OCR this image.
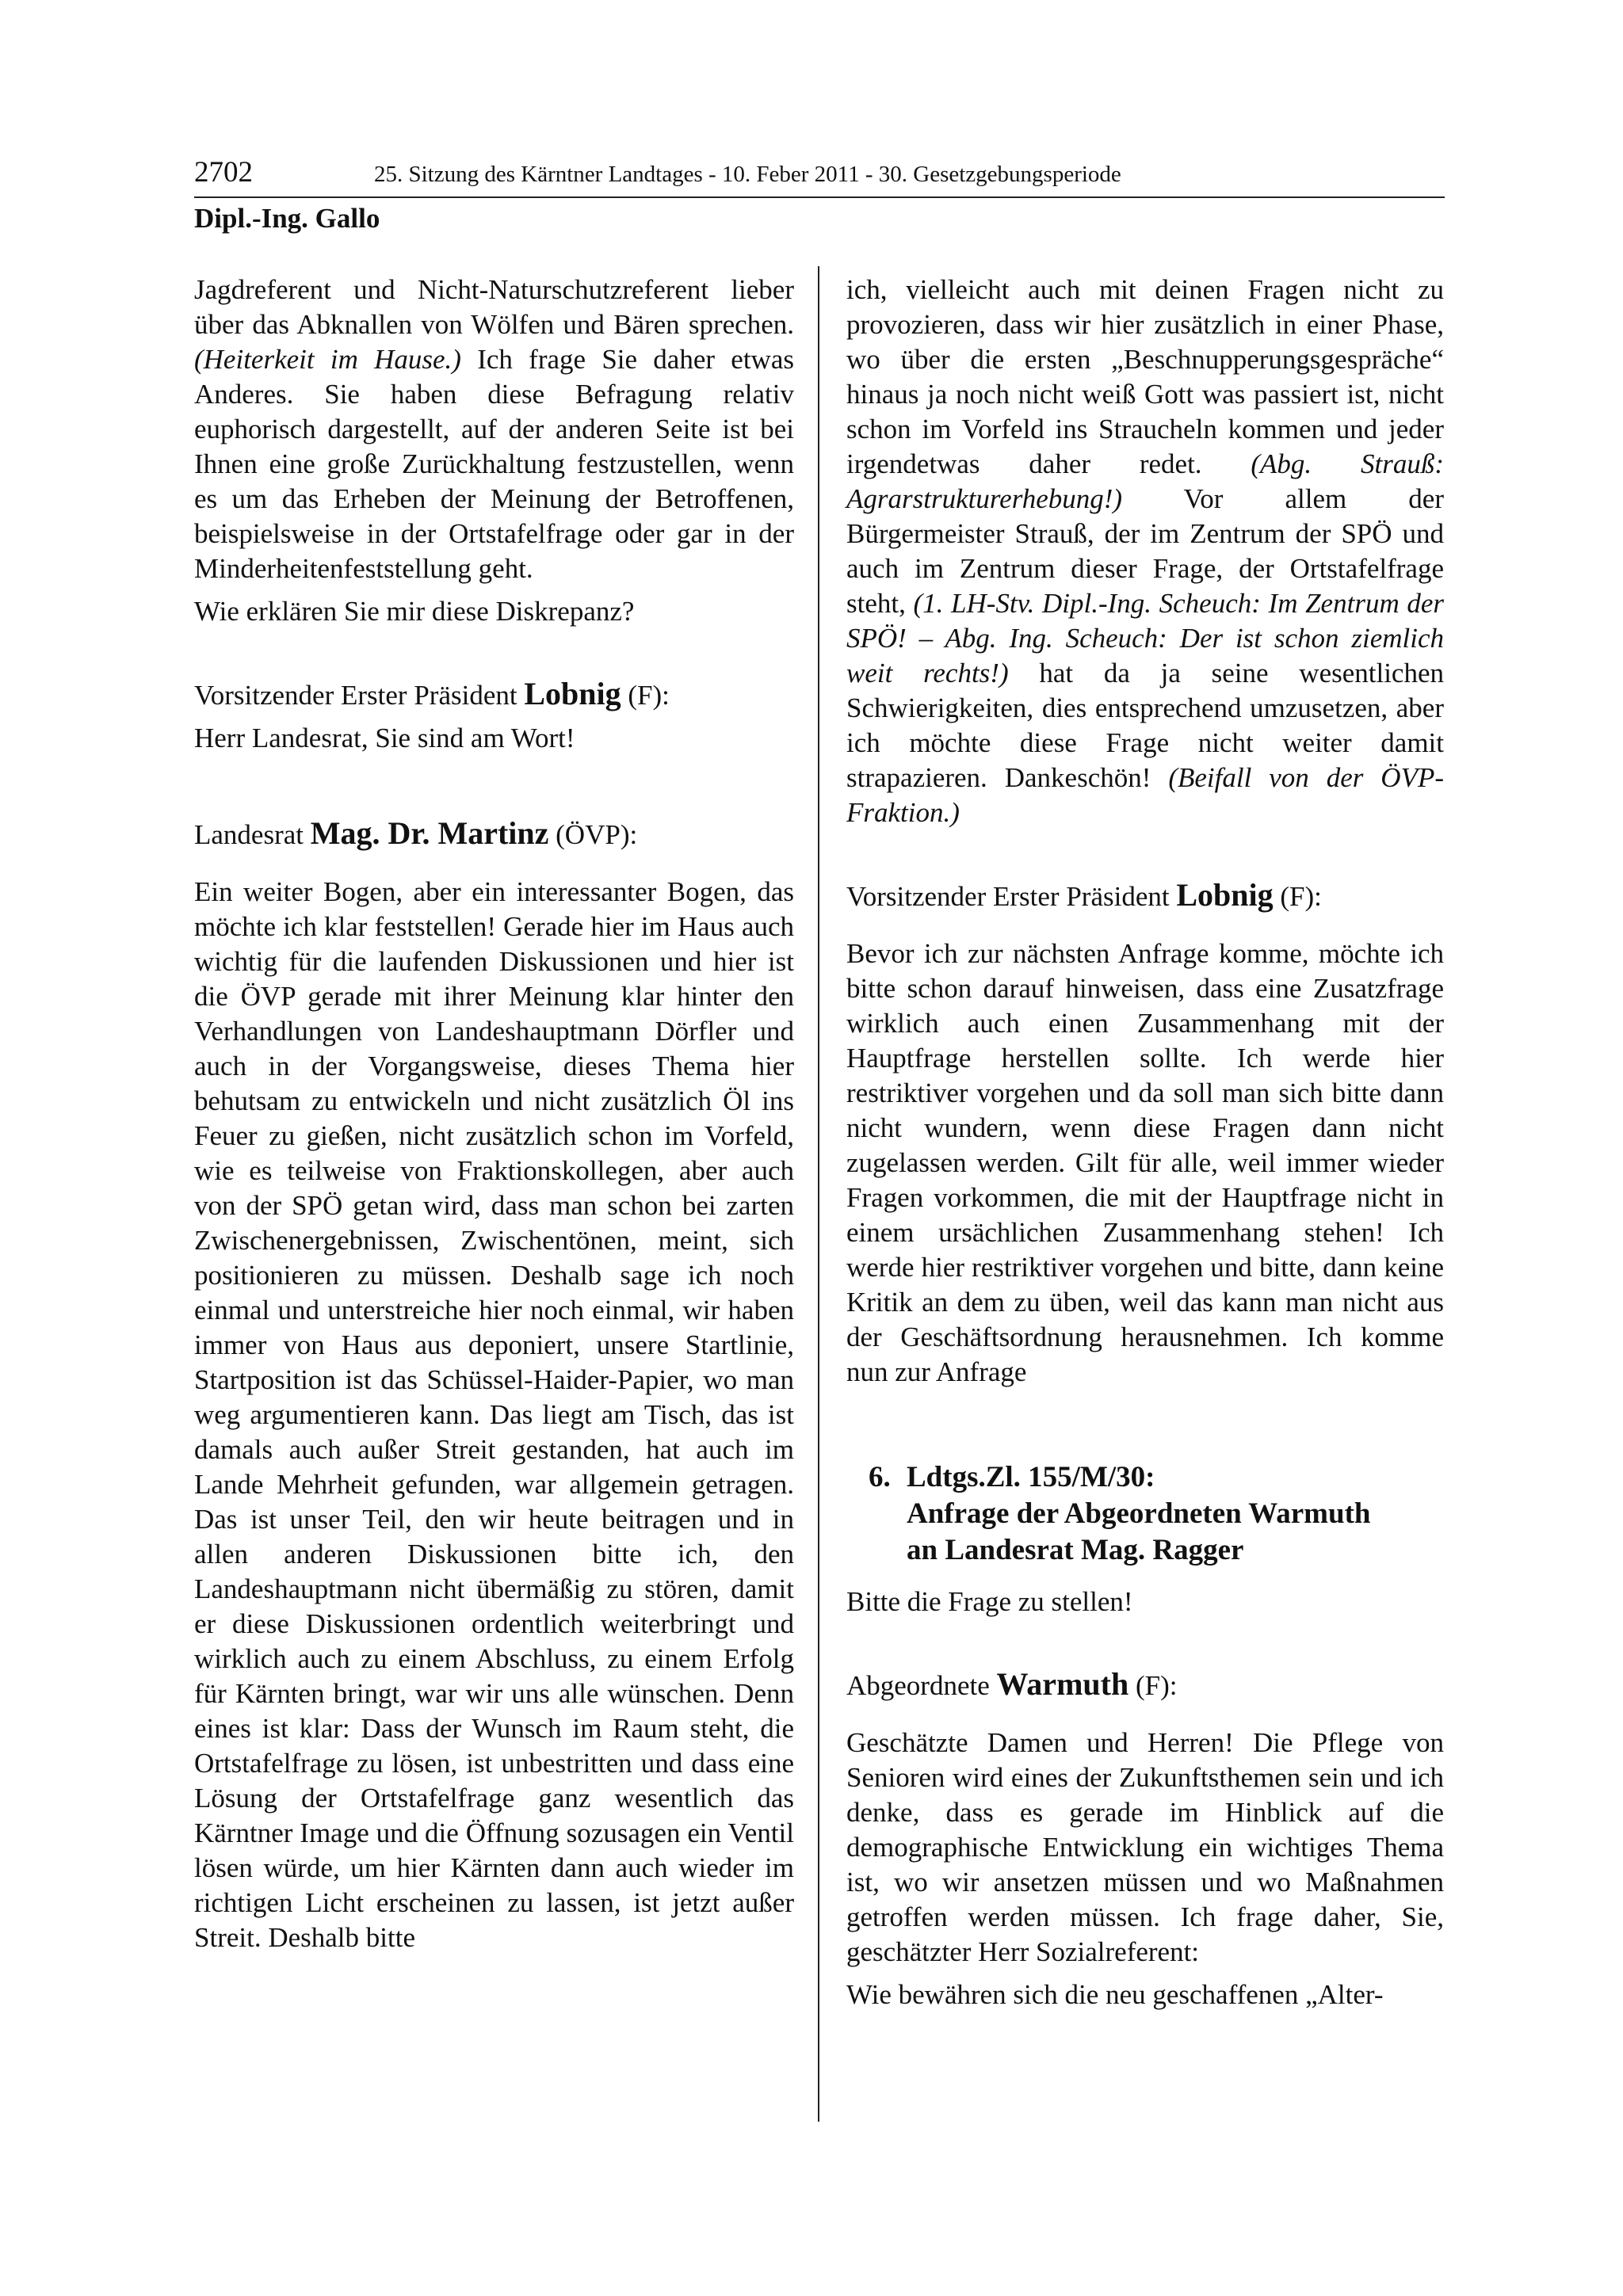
2702	25. Sitzung des Kärntner Landtages - 10. Feber 2011 - 30. Gesetzgebungsperiode
Dipl.-Ing. Gallo

Jagdreferent und Nicht-Naturschutzreferent lieber über das Abknallen von Wölfen und Bären sprechen. (Heiterkeit im Hause.) Ich frage Sie daher etwas Anderes. Sie haben diese Befragung relativ euphorisch dargestellt, auf der anderen Seite ist bei Ihnen eine große Zurückhaltung festzustellen, wenn es um das Erheben der Meinung der Betroffenen, beispielsweise in der Ortstafelfrage oder gar in der Minderheitenfeststellung geht.

Wie erklären Sie mir diese Diskrepanz?

Vorsitzender Erster Präsident Lobnig (F):

Herr Landesrat, Sie sind am Wort!

Landesrat Mag. Dr. Martinz (ÖVP):

Ein weiter Bogen, aber ein interessanter Bogen, das möchte ich klar feststellen! Gerade hier im Haus auch wichtig für die laufenden Diskussionen und hier ist die ÖVP gerade mit ihrer Meinung klar hinter den Verhandlungen von Landeshauptmann Dörfler und auch in der Vorgangsweise, dieses Thema hier behutsam zu entwickeln und nicht zusätzlich Öl ins Feuer zu gießen, nicht zusätzlich schon im Vorfeld, wie es teilweise von Fraktionskollegen, aber auch von der SPÖ getan wird, dass man schon bei zarten Zwischenergebnissen, Zwischentönen, meint, sich positionieren zu müssen. Deshalb sage ich noch einmal und unterstreiche hier noch einmal, wir haben immer von Haus aus deponiert, unsere Startlinie, Startposition ist das Schüssel-Haider-Papier, wo man weg argumentieren kann. Das liegt am Tisch, das ist damals auch außer Streit gestanden, hat auch im Lande Mehrheit gefunden, war allgemein getragen. Das ist unser Teil, den wir heute beitragen und in allen anderen Diskussionen bitte ich, den Landeshauptmann nicht übermäßig zu stören, damit er diese Diskussionen ordentlich weiterbringt und wirklich auch zu einem Abschluss, zu einem Erfolg für Kärnten bringt, war wir uns alle wünschen. Denn eines ist klar: Dass der Wunsch im Raum steht, die Ortstafelfrage zu lösen, ist unbestritten und dass eine Lösung der Ortstafelfrage ganz wesentlich das Kärntner Image und die Öffnung sozusagen ein Ventil lösen würde, um hier Kärnten dann auch wieder im richtigen Licht erscheinen zu lassen, ist jetzt außer Streit. Deshalb bitte

ich, vielleicht auch mit deinen Fragen nicht zu provozieren, dass wir hier zusätzlich in einer Phase, wo über die ersten „Beschnupperungsgespräche“ hinaus ja noch nicht weiß Gott was passiert ist, nicht schon im Vorfeld ins Straucheln kommen und jeder irgendetwas daher redet. (Abg. Strauß: Agrarstrukturerhebung!) Vor allem der Bürgermeister Strauß, der im Zentrum der SPÖ und auch im Zentrum dieser Frage, der Ortstafelfrage steht, (1. LH-Stv. Dipl.-Ing. Scheuch: Im Zentrum der SPÖ! – Abg. Ing. Scheuch: Der ist schon ziemlich weit rechts!) hat da ja seine wesentlichen Schwierigkeiten, dies entsprechend umzusetzen, aber ich möchte diese Frage nicht weiter damit strapazieren. Dankeschön! (Beifall von der ÖVP-Fraktion.)

Vorsitzender Erster Präsident Lobnig (F):

Bevor ich zur nächsten Anfrage komme, möchte ich bitte schon darauf hinweisen, dass eine Zusatzfrage wirklich auch einen Zusammenhang mit der Hauptfrage herstellen sollte. Ich werde hier restriktiver vorgehen und da soll man sich bitte dann nicht wundern, wenn diese Fragen dann nicht zugelassen werden. Gilt für alle, weil immer wieder Fragen vorkommen, die mit der Hauptfrage nicht in einem ursächlichen Zusammenhang stehen! Ich werde hier restriktiver vorgehen und bitte, dann keine Kritik an dem zu üben, weil das kann man nicht aus der Geschäftsordnung herausnehmen. Ich komme nun zur Anfrage

6. Ldtgs.Zl. 155/M/30:
Anfrage der Abgeordneten Warmuth
an Landesrat Mag. Ragger

Bitte die Frage zu stellen!

Abgeordnete Warmuth (F):

Geschätzte Damen und Herren! Die Pflege von Senioren wird eines der Zukunftsthemen sein und ich denke, dass es gerade im Hinblick auf die demographische Entwicklung ein wichtiges Thema ist, wo wir ansetzen müssen und wo Maßnahmen getroffen werden müssen. Ich frage daher, Sie, geschätzter Herr Sozialreferent:

Wie bewähren sich die neu geschaffenen „Alter-
